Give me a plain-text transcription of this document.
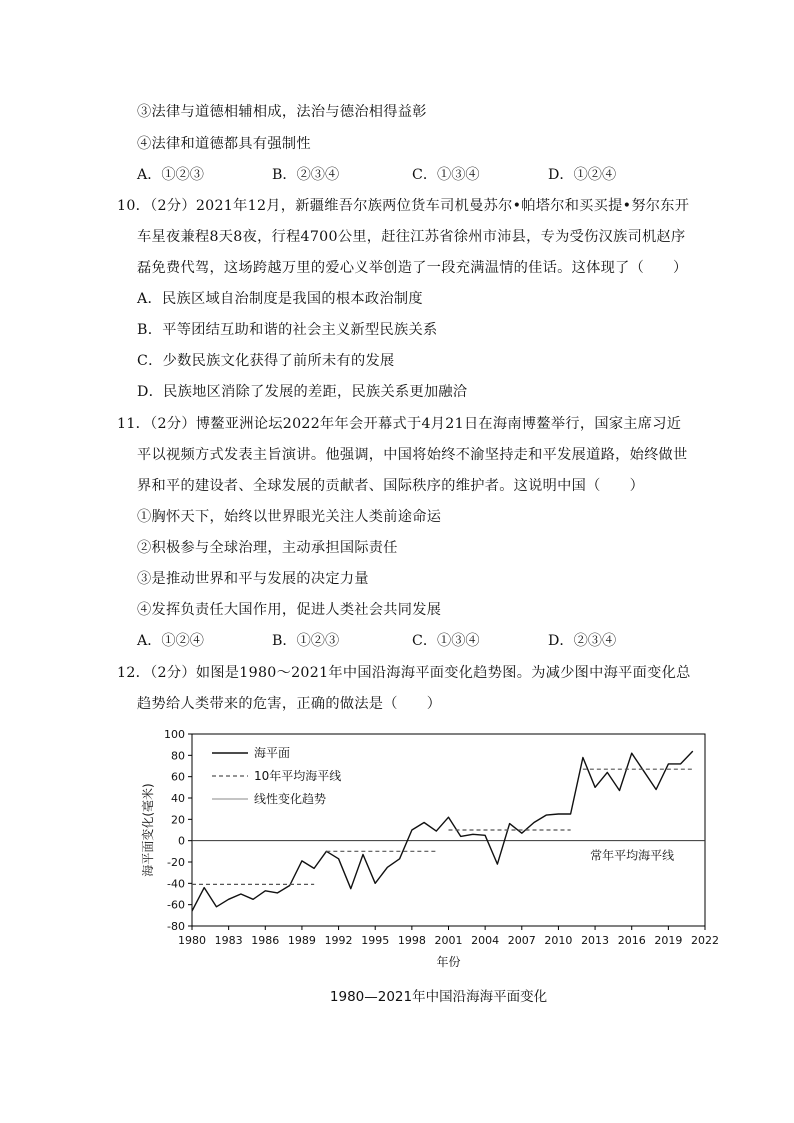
③法律与道德相辅相成，法治与德治相得益彰
④法律和道德都具有强制性
A．①②③	B．②③④	C．①③④	D．①②④
10．（2分）2021年12月，新疆维吾尔族两位货车司机曼苏尔•帕塔尔和买买提•努尔东开
车星夜兼程8天8夜，行程4700公里，赶往江苏省徐州市沛县，专为受伤汉族司机赵序
磊免费代驾，这场跨越万里的爱心义举创造了一段充满温情的佳话。这体现了（　　）
A．民族区域自治制度是我国的根本政治制度
B．平等团结互助和谐的社会主义新型民族关系
C．少数民族文化获得了前所未有的发展
D．民族地区消除了发展的差距，民族关系更加融洽
11．（2分）博鳌亚洲论坛2022年年会开幕式于4月21日在海南博鳌举行，国家主席习近
平以视频方式发表主旨演讲。他强调，中国将始终不渝坚持走和平发展道路，始终做世
界和平的建设者、全球发展的贡献者、国际秩序的维护者。这说明中国（　　）
①胸怀天下，始终以世界眼光关注人类前途命运
②积极参与全球治理，主动承担国际责任
③是推动世界和平与发展的决定力量
④发挥负责任大国作用，促进人类社会共同发展
A．①②④	B．①②③	C．①③④	D．②③④
12．（2分）如图是1980～2021年中国沿海海平面变化趋势图。为减少图中海平面变化总
趋势给人类带来的危害，正确的做法是（　　）
-80
-60
-40
-20
0
20
40
60
80
100
1980 1983 1986 1989 1992 1995 1998 2001 2004 2007 2010 2013 2016 2019 2022
年份
海平面变化(毫米)	常年平均海平线
海平面
10年平均海平线
线性变化趋势
1980—2021年中国沿海海平面变化
